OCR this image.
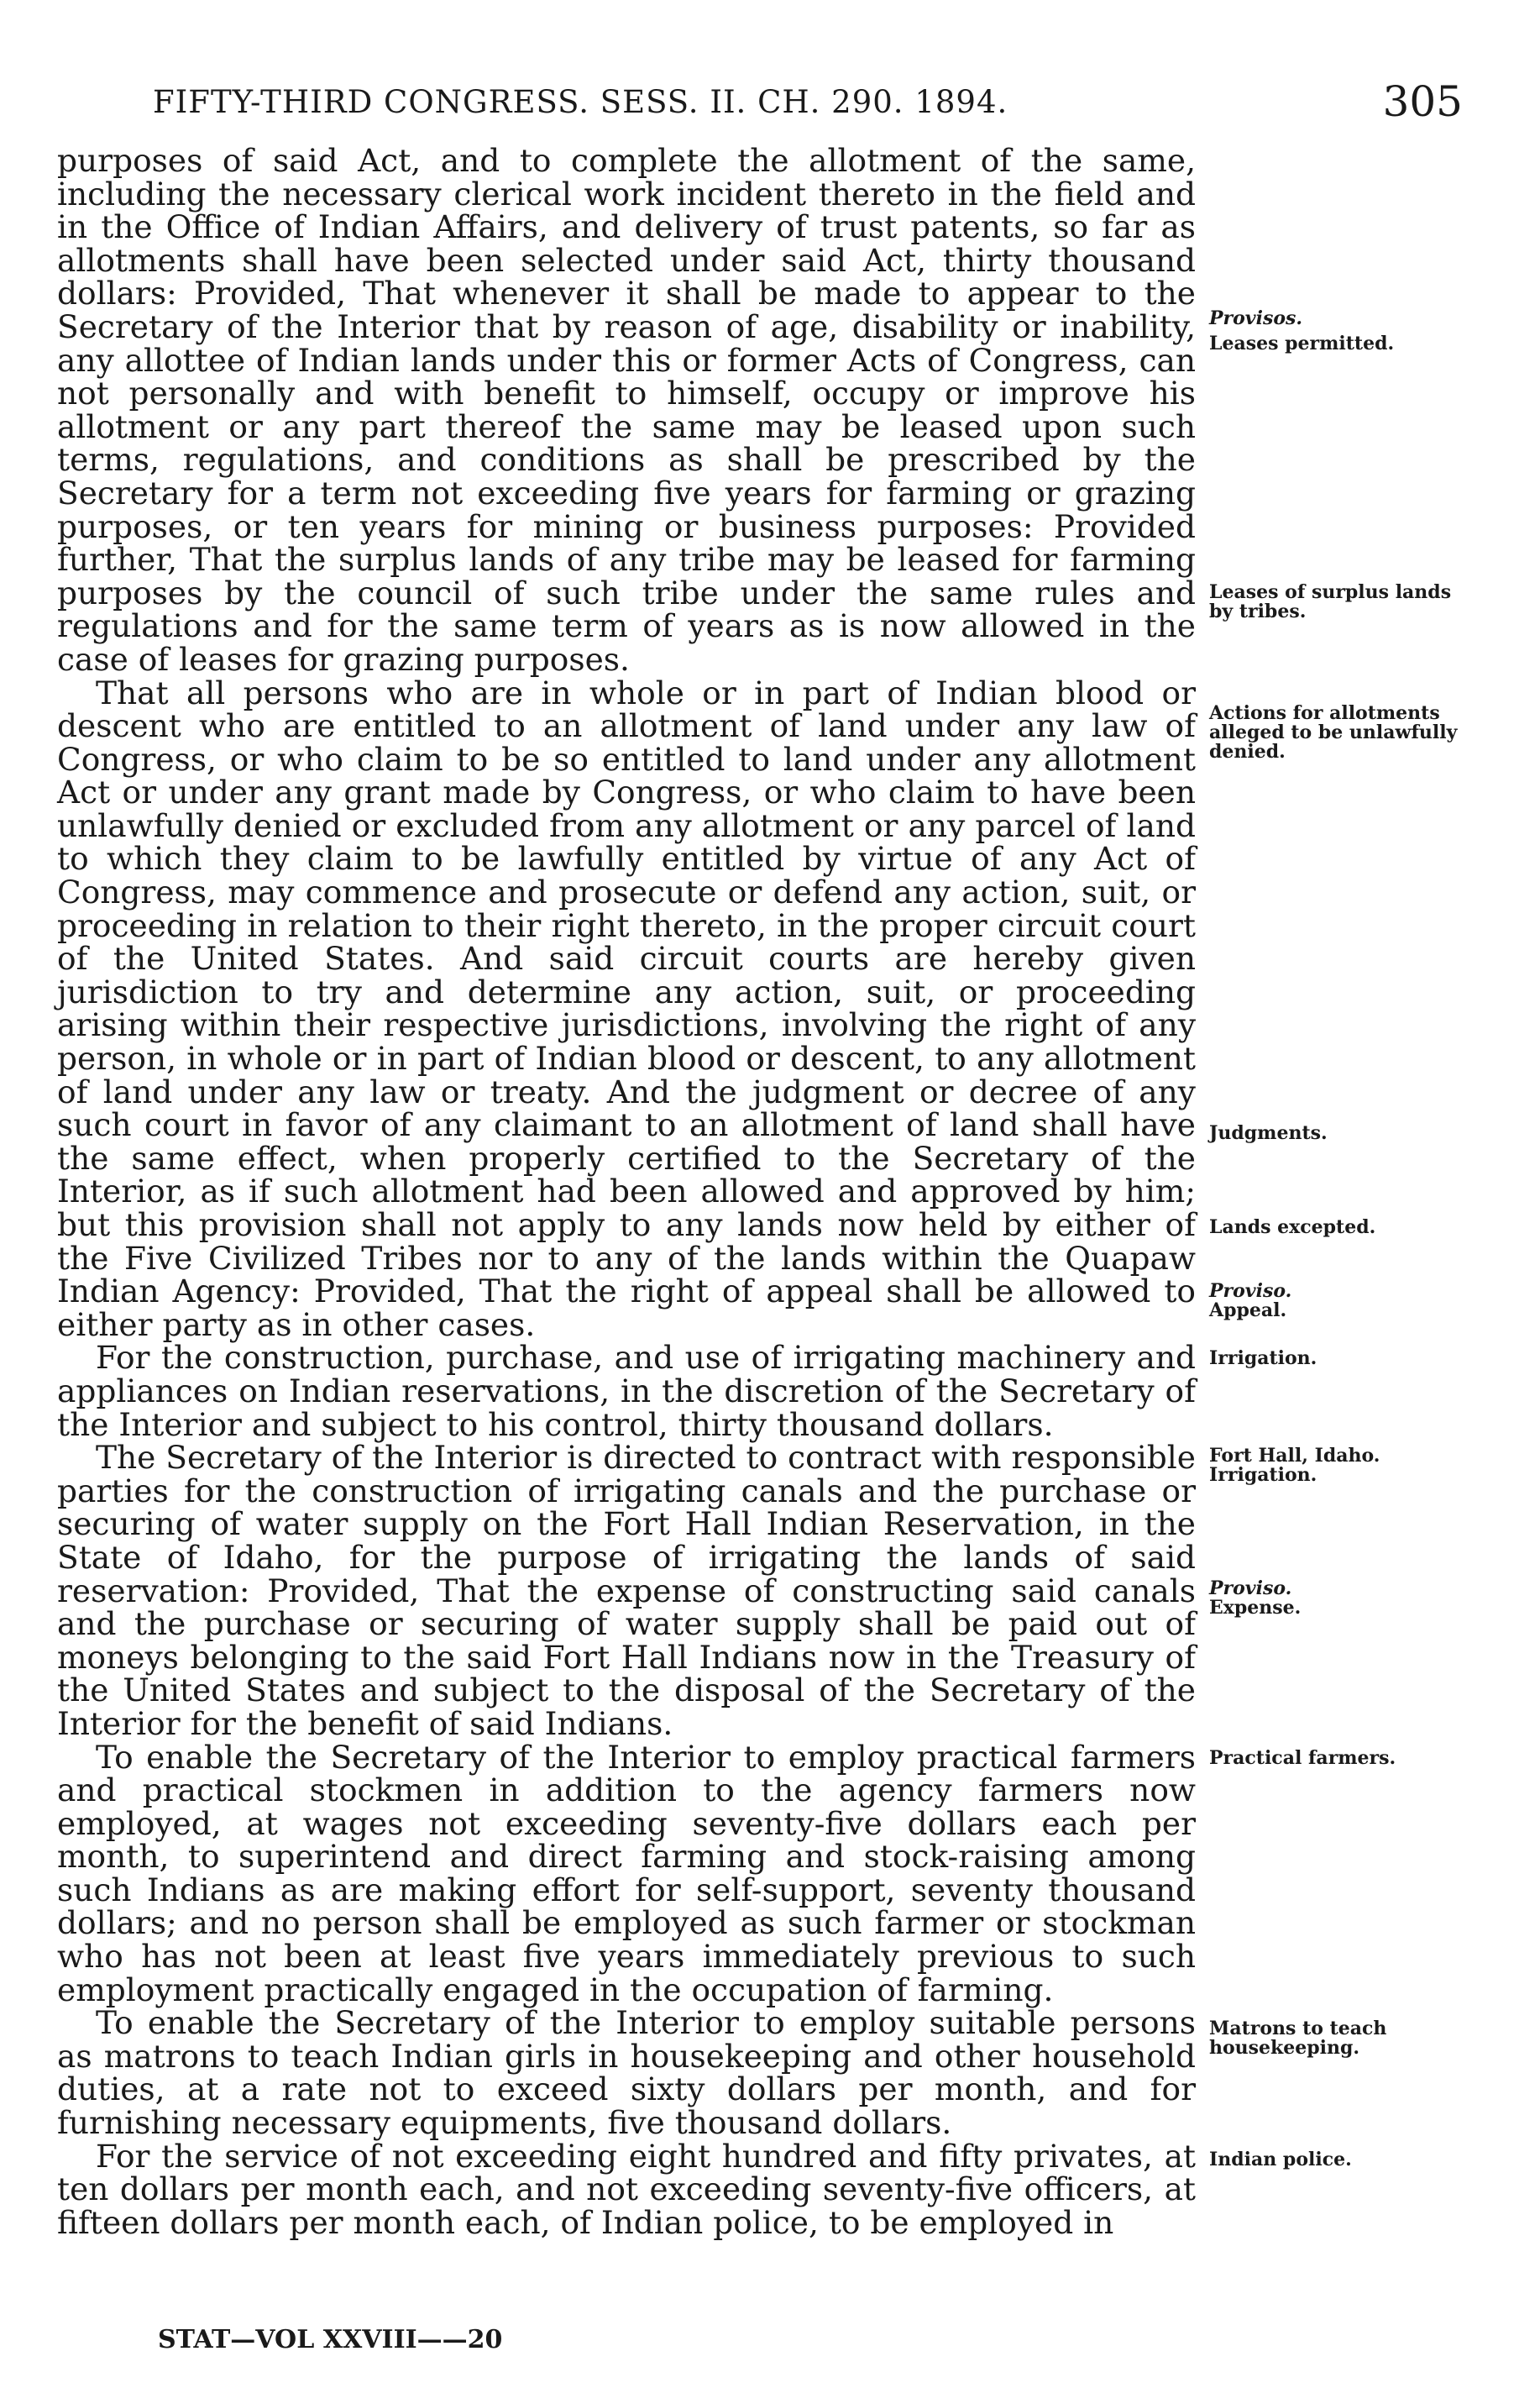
FIFTY-THIRD CONGRESS. SESS. II. CH. 290. 1894.	305

purposes of said Act, and to complete the allotment of the same, including the necessary clerical work incident thereto in the field and in the Office of Indian Affairs, and delivery of trust patents, so far as allotments shall have been selected under said Act, thirty thousand dollars: Provided, That whenever it shall be made to appear to the Secretary of the Interior that by reason of age, disability or inability, any allottee of Indian lands under this or former Acts of Congress, can not personally and with benefit to himself, occupy or improve his allotment or any part thereof the same may be leased upon such terms, regulations, and conditions as shall be prescribed by the Secretary for a term not exceeding five years for farming or grazing purposes, or ten years for mining or business purposes: Provided further, That the surplus lands of any tribe may be leased for farming purposes by the council of such tribe under the same rules and regulations and for the same term of years as is now allowed in the case of leases for grazing purposes.

That all persons who are in whole or in part of Indian blood or descent who are entitled to an allotment of land under any law of Congress, or who claim to be so entitled to land under any allotment Act or under any grant made by Congress, or who claim to have been unlawfully denied or excluded from any allotment or any parcel of land to which they claim to be lawfully entitled by virtue of any Act of Congress, may commence and prosecute or defend any action, suit, or proceeding in relation to their right thereto, in the proper circuit court of the United States. And said circuit courts are hereby given jurisdiction to try and determine any action, suit, or proceeding arising within their respective jurisdictions, involving the right of any person, in whole or in part of Indian blood or descent, to any allotment of land under any law or treaty. And the judgment or decree of any such court in favor of any claimant to an allotment of land shall have the same effect, when properly certified to the Secretary of the Interior, as if such allotment had been allowed and approved by him; but this provision shall not apply to any lands now held by either of the Five Civilized Tribes nor to any of the lands within the Quapaw Indian Agency: Provided, That the right of appeal shall be allowed to either party as in other cases.

For the construction, purchase, and use of irrigating machinery and appliances on Indian reservations, in the discretion of the Secretary of the Interior and subject to his control, thirty thousand dollars.

The Secretary of the Interior is directed to contract with responsible parties for the construction of irrigating canals and the purchase or securing of water supply on the Fort Hall Indian Reservation, in the State of Idaho, for the purpose of irrigating the lands of said reservation: Provided, That the expense of constructing said canals and the purchase or securing of water supply shall be paid out of moneys belonging to the said Fort Hall Indians now in the Treasury of the United States and subject to the disposal of the Secretary of the Interior for the benefit of said Indians.

To enable the Secretary of the Interior to employ practical farmers and practical stockmen in addition to the agency farmers now employed, at wages not exceeding seventy-five dollars each per month, to superintend and direct farming and stock-raising among such Indians as are making effort for self-support, seventy thousand dollars; and no person shall be employed as such farmer or stockman who has not been at least five years immediately previous to such employment practically engaged in the occupation of farming.

To enable the Secretary of the Interior to employ suitable persons as matrons to teach Indian girls in housekeeping and other household duties, at a rate not to exceed sixty dollars per month, and for furnishing necessary equipments, five thousand dollars.

For the service of not exceeding eight hundred and fifty privates, at ten dollars per month each, and not exceeding seventy-five officers, at fifteen dollars per month each, of Indian police, to be employed in

Provisos.
Leases permitted.
Leases of surplus lands by tribes.
Actions for allotments alleged to be unlawfully denied.
Judgments.
Lands excepted.
Proviso.
Appeal.
Irrigation.
Fort Hall, Idaho.
Irrigation.
Proviso.
Expense.
Practical farmers.
Matrons to teach housekeeping.
Indian police.
STAT—VOL XXVIII——20
